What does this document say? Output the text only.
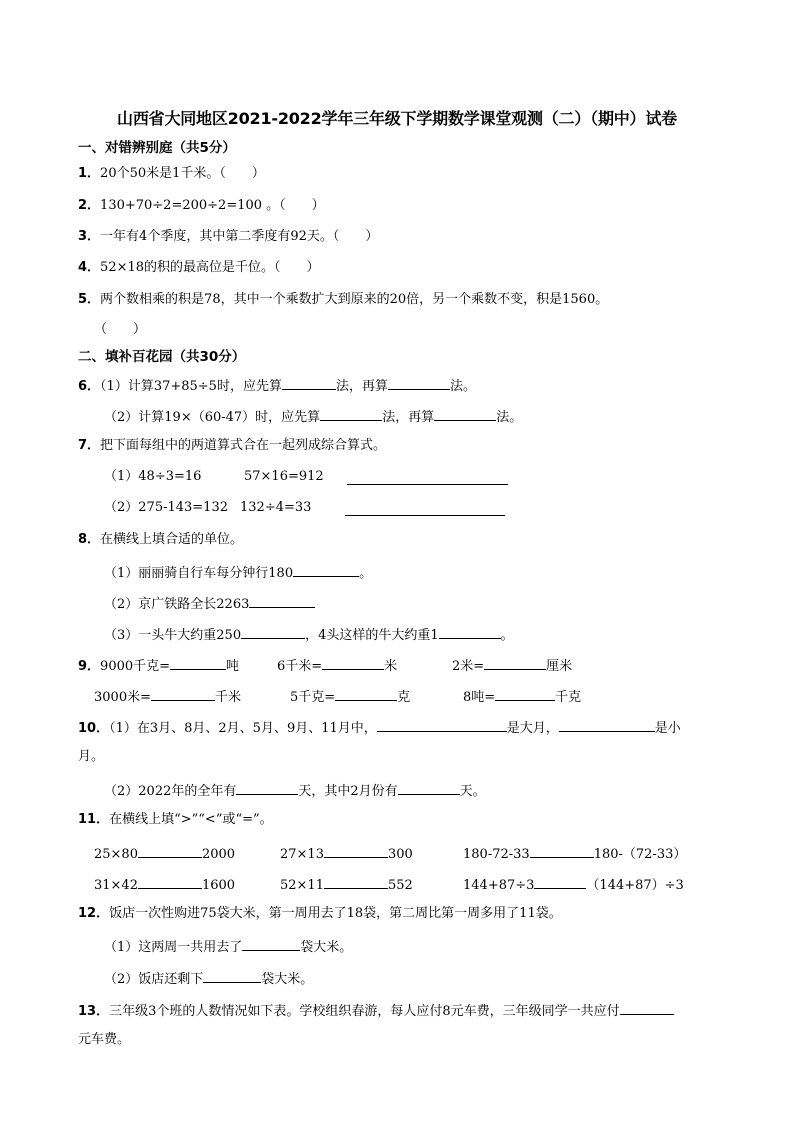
山西省大同地区2021-2022学年三年级下学期数学课堂观测（二）（期中）试卷
一、对错辨别庭（共5分）
1．20个50米是1千米。（　　）
2．130+70÷2=200÷2=100 。（　　）
3．一年有4个季度，其中第二季度有92天。（　　）
4．52×18的积的最高位是千位。（　　）
5．两个数相乘的积是78，其中一个乘数扩大到原来的20倍，另一个乘数不变，积是1560。
（　　）
二、填补百花园（共30分）
6．（1）计算37+85÷5时，应先算	法，再算	法。
（2）计算19×（60-47）时，应先算	法，再算	法。
7．把下面每组中的两道算式合在一起列成综合算式。
（1）48÷3=16	57×16=912
（2）275-143=132 132÷4=33
8．在横线上填合适的单位。
（1）丽丽骑自行车每分钟行180	。
（2）京广铁路全长2263
（3）一头牛大约重250	，4头这样的牛大约重1	。
9．9000千克=	吨	6千米=	米	2米=	厘米
3000米=	千米	5千克=	克	8吨=	千克
10．（1）在3月、8月、2月、5月、9月、11月中，	是大月，	是小
月。
（2）2022年的全年有	天，其中2月份有	天。
11．在横线上填“>”“<”或“=”。
25×80	2000	27×13	300	180-72-33	180-（72-33）
31×42	1600	52×11	552	144+87÷3	（144+87）÷3
12．饭店一次性购进75袋大米，第一周用去了18袋，第二周比第一周多用了11袋。
（1）这两周一共用去了	袋大米。
（2）饭店还剩下	袋大米。
13．三年级3个班的人数情况如下表。学校组织春游，每人应付8元车费，三年级同学一共应付
元车费。
